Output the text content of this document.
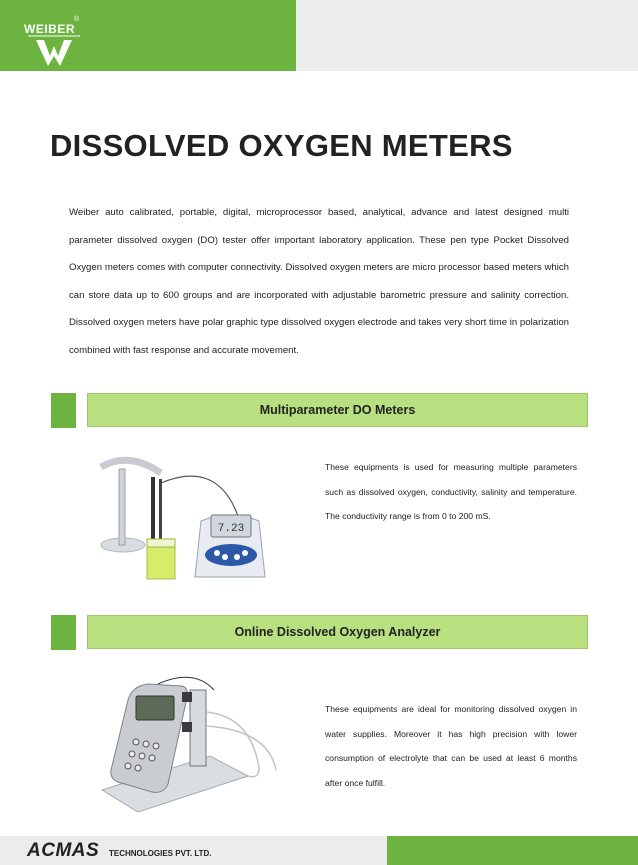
WEIBER
®
DISSOLVED OXYGEN METERS
Weiber auto calibrated, portable, digital, microprocessor based, analytical, advance and latest designed multi parameter dissolved oxygen (DO) tester offer important laboratory application. These pen type Pocket Dissolved Oxygen meters comes with computer connectivity. Dissolved oxygen meters are micro processor based meters which can store data up to 600 groups and are incorporated with adjustable barometric pressure and salinity correction. Dissolved oxygen meters have polar graphic type dissolved oxygen electrode and takes very short time in polarization combined with fast response and accurate movement.
Multiparameter DO Meters
7.23
These equipments is used for measuring multiple parameters such as dissolved oxygen, conductivity, salinity and temperature. The conductivity range is from 0 to 200 mS.
Online Dissolved Oxygen Analyzer
These equipments are ideal for monitoring dissolved oxygen in water supplies. Moreover it has high precision with lower consumption of electrolyte that can be used at least 6 months after once fulfill.
ACMAS TECHNOLOGIES PVT. LTD.
